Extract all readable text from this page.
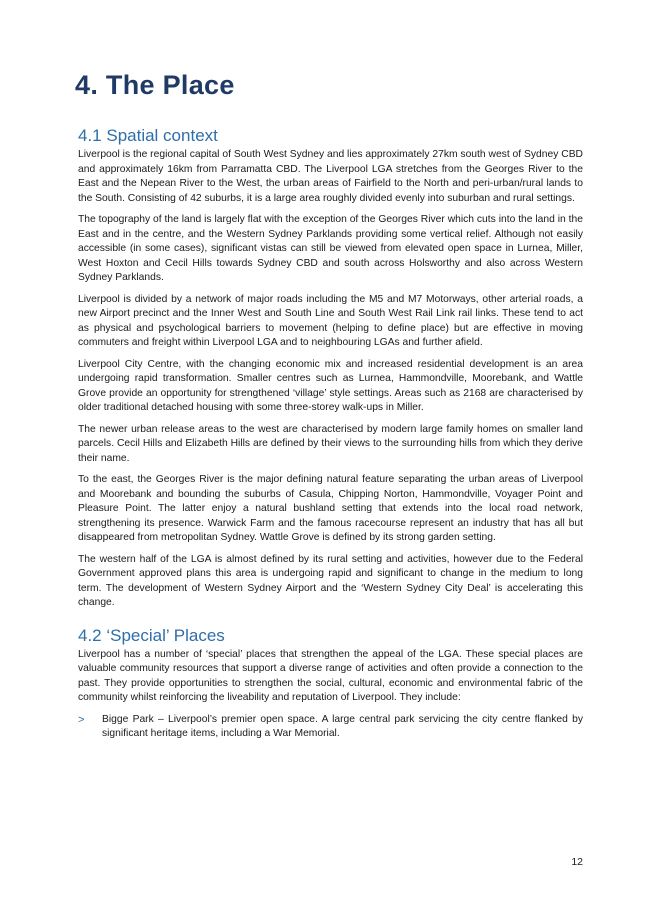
4. The Place
4.1 Spatial context

Liverpool is the regional capital of South West Sydney and lies approximately 27km south west of Sydney CBD and approximately 16km from Parramatta CBD. The Liverpool LGA stretches from the Georges River to the East and the Nepean River to the West, the urban areas of Fairfield to the North and peri-urban/rural lands to the South. Consisting of 42 suburbs, it is a large area roughly divided evenly into suburban and rural settings.

The topography of the land is largely flat with the exception of the Georges River which cuts into the land in the East and in the centre, and the Western Sydney Parklands providing some vertical relief. Although not easily accessible (in some cases), significant vistas can still be viewed from elevated open space in Lurnea, Miller, West Hoxton and Cecil Hills towards Sydney CBD and south across Holsworthy and also across Western Sydney Parklands.

Liverpool is divided by a network of major roads including the M5 and M7 Motorways, other arterial roads, a new Airport precinct and the Inner West and South Line and South West Rail Link rail links. These tend to act as physical and psychological barriers to movement (helping to define place) but are effective in moving commuters and freight within Liverpool LGA and to neighbouring LGAs and further afield.

Liverpool City Centre, with the changing economic mix and increased residential development is an area undergoing rapid transformation. Smaller centres such as Lurnea, Hammondville, Moorebank, and Wattle Grove provide an opportunity for strengthened ‘village’ style settings. Areas such as 2168 are characterised by older traditional detached housing with some three-storey walk-ups in Miller.

The newer urban release areas to the west are characterised by modern large family homes on smaller land parcels. Cecil Hills and Elizabeth Hills are defined by their views to the surrounding hills from which they derive their name.

To the east, the Georges River is the major defining natural feature separating the urban areas of Liverpool and Moorebank and bounding the suburbs of Casula, Chipping Norton, Hammondville, Voyager Point and Pleasure Point. The latter enjoy a natural bushland setting that extends into the local road network, strengthening its presence. Warwick Farm and the famous racecourse represent an industry that has all but disappeared from metropolitan Sydney. Wattle Grove is defined by its strong garden setting.

The western half of the LGA is almost defined by its rural setting and activities, however due to the Federal Government approved plans this area is undergoing rapid and significant to change in the medium to long term. The development of Western Sydney Airport and the ‘Western Sydney City Deal’ is accelerating this change.

4.2 ‘Special’ Places

Liverpool has a number of ‘special’ places that strengthen the appeal of the LGA. These special places are valuable community resources that support a diverse range of activities and often provide a connection to the past. They provide opportunities to strengthen the social, cultural, economic and environmental fabric of the community whilst reinforcing the liveability and reputation of Liverpool. They include:

> Bigge Park – Liverpool’s premier open space. A large central park servicing the city centre flanked by significant heritage items, including a War Memorial.
12
